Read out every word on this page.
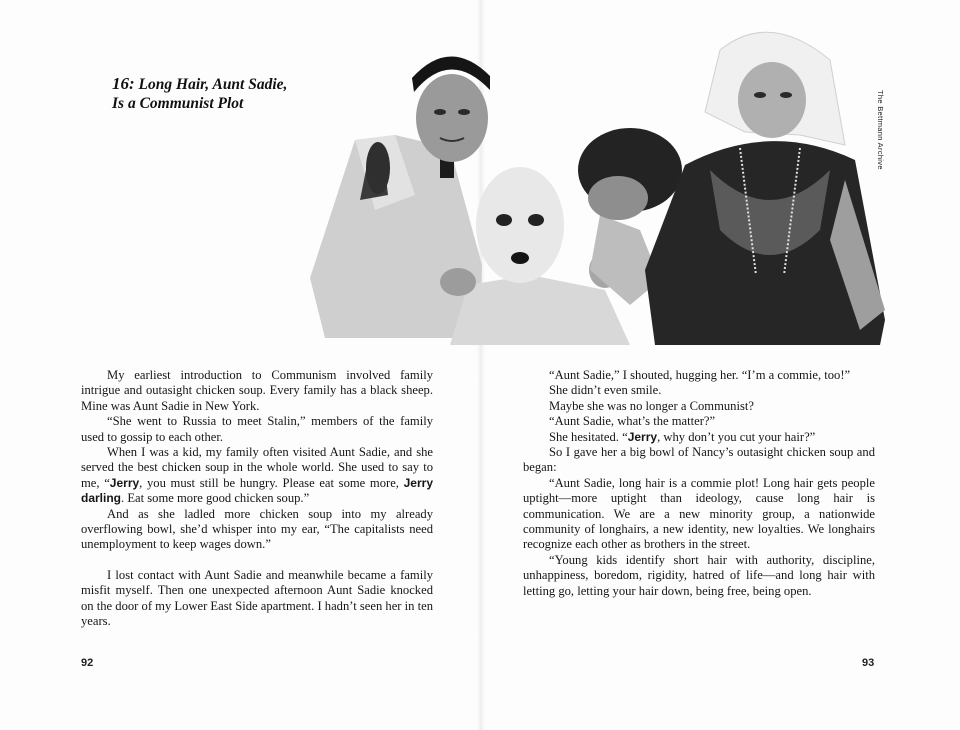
16: Long Hair, Aunt Sadie,
Is a Communist Plot	The Bettmann Archive

My earliest introduction to Communism involved family intrigue and outasight chicken soup. Every family has a black sheep. Mine was Aunt Sadie in New York.

“She went to Russia to meet Stalin,” members of the family used to gossip to each other.

When I was a kid, my family often visited Aunt Sadie, and she served the best chicken soup in the whole world. She used to say to me, “Jerry, you must still be hungry. Please eat some more, Jerry darling. Eat some more good chicken soup.”

And as she ladled more chicken soup into my already overflowing bowl, she’d whisper into my ear, “The capitalists need unemployment to keep wages down.”

I lost contact with Aunt Sadie and meanwhile became a family misfit myself. Then one unexpected afternoon Aunt Sadie knocked on the door of my Lower East Side apartment. I hadn’t seen her in ten years.

“Aunt Sadie,” I shouted, hugging her. “I’m a commie, too!”

She didn’t even smile.

Maybe she was no longer a Communist?

“Aunt Sadie, what’s the matter?”

She hesitated. “Jerry, why don’t you cut your hair?”

So I gave her a big bowl of Nancy’s outasight chicken soup and began:

“Aunt Sadie, long hair is a commie plot! Long hair gets people uptight—more uptight than ideology, cause long hair is communication. We are a new minority group, a nationwide community of longhairs, a new identity, new loyalties. We longhairs recognize each other as brothers in the street.

“Young kids identify short hair with authority, discipline, unhappiness, boredom, rigidity, hatred of life—and long hair with letting go, letting your hair down, being free, being open.

92	93
